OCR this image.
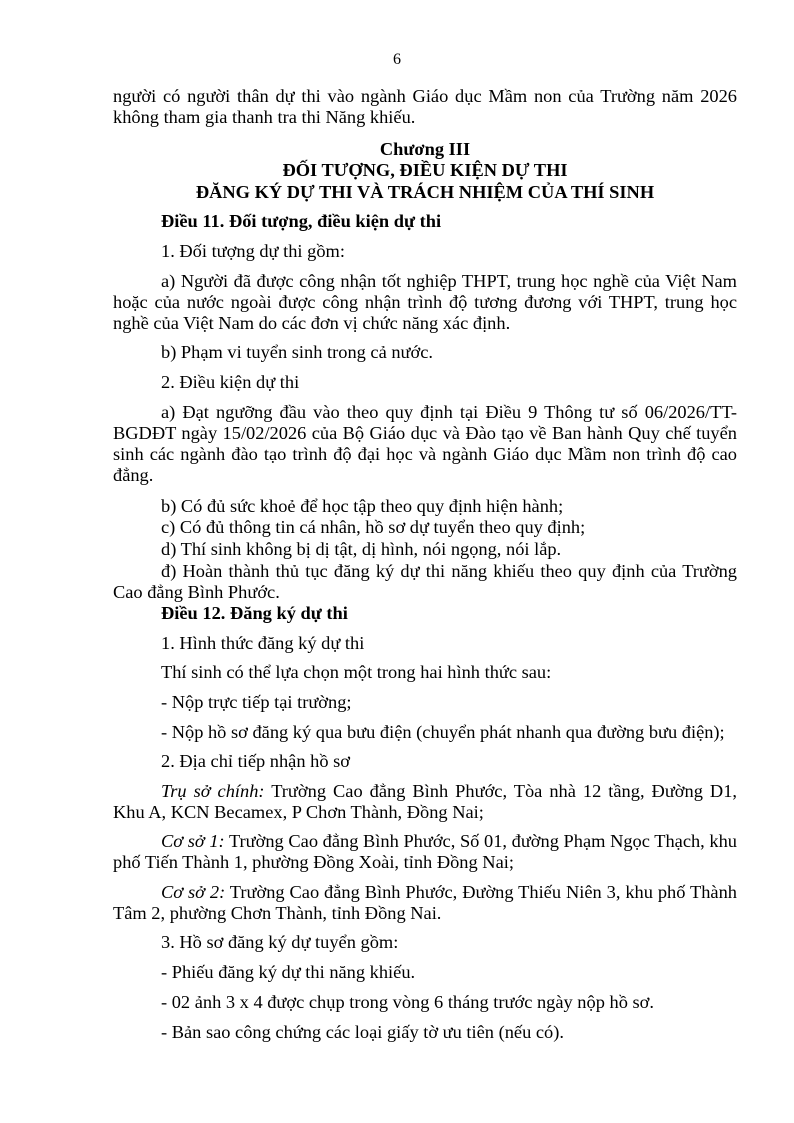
6
người có người thân dự thi vào ngành Giáo dục Mầm non của Trường năm 2026 không tham gia thanh tra thi Năng khiếu.
Chương III
ĐỐI TƯỢNG, ĐIỀU KIỆN DỰ THI
ĐĂNG KÝ DỰ THI VÀ TRÁCH NHIỆM CỦA THÍ SINH
Điều 11. Đối tượng, điều kiện dự thi
1. Đối tượng dự thi gồm:
a) Người đã được công nhận tốt nghiệp THPT, trung học nghề của Việt Nam hoặc của nước ngoài được công nhận trình độ tương đương với THPT, trung học nghề của Việt Nam do các đơn vị chức năng xác định.
b) Phạm vi tuyển sinh trong cả nước.
2. Điều kiện dự thi
a) Đạt ngưỡng đầu vào theo quy định tại Điều 9 Thông tư số 06/2026/TT-BGDĐT ngày 15/02/2026 của Bộ Giáo dục và Đào tạo về Ban hành Quy chế tuyển sinh các ngành đào tạo trình độ đại học và ngành Giáo dục Mầm non trình độ cao đẳng.
b) Có đủ sức khoẻ để học tập theo quy định hiện hành;
c) Có đủ thông tin cá nhân, hồ sơ dự tuyển theo quy định;
d) Thí sinh không bị dị tật, dị hình, nói ngọng, nói lắp.
đ) Hoàn thành thủ tục đăng ký dự thi năng khiếu theo quy định của Trường Cao đẳng Bình Phước.
Điều 12. Đăng ký dự thi
1. Hình thức đăng ký dự thi
Thí sinh có thể lựa chọn một trong hai hình thức sau:
- Nộp trực tiếp tại trường;
- Nộp hồ sơ đăng ký qua bưu điện (chuyển phát nhanh qua đường bưu điện);
2. Địa chỉ tiếp nhận hồ sơ
Trụ sở chính: Trường Cao đẳng Bình Phước, Tòa nhà 12 tầng, Đường D1, Khu A, KCN Becamex, P Chơn Thành, Đồng Nai;
Cơ sở 1: Trường Cao đẳng Bình Phước, Số 01, đường Phạm Ngọc Thạch, khu phố Tiến Thành 1, phường Đồng Xoài, tỉnh Đồng Nai;
Cơ sở 2: Trường Cao đẳng Bình Phước, Đường Thiếu Niên 3, khu phố Thành Tâm 2, phường Chơn Thành, tỉnh Đồng Nai.
3. Hồ sơ đăng ký dự tuyển gồm:
- Phiếu đăng ký dự thi năng khiếu.
- 02 ảnh 3 x 4 được chụp trong vòng 6 tháng trước ngày nộp hồ sơ.
- Bản sao công chứng các loại giấy tờ ưu tiên (nếu có).
